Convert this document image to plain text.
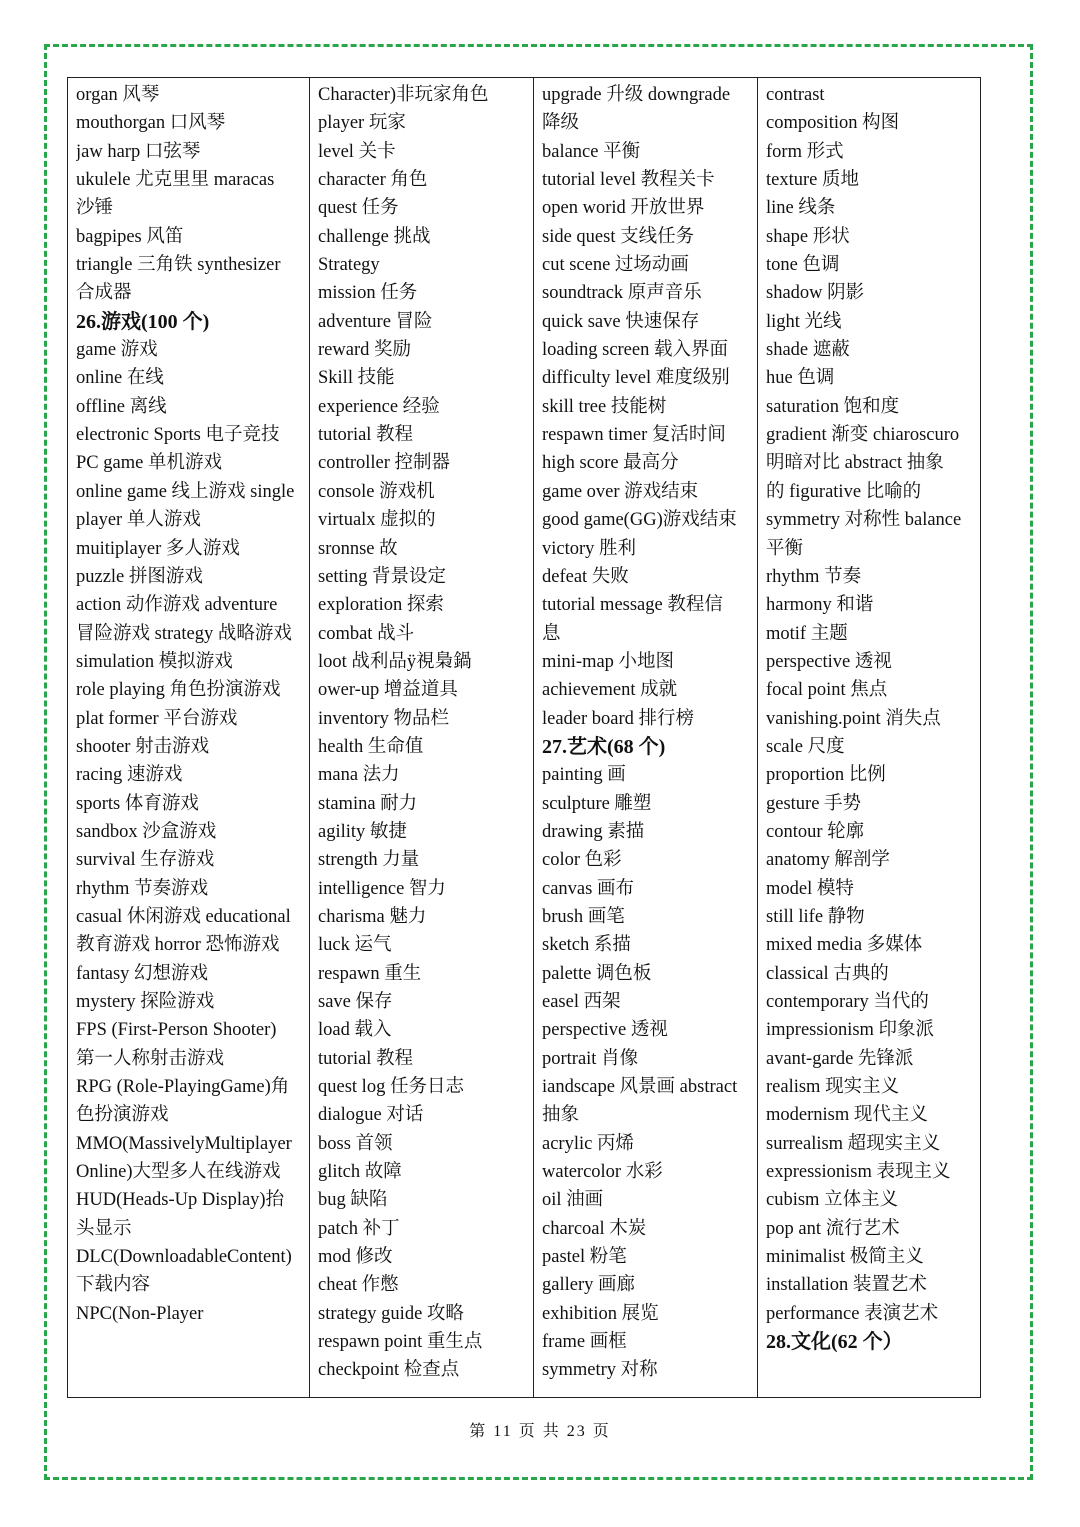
organ 风琴
mouthorgan 口风琴
jaw harp 口弦琴
ukulele 尤克里里 maracas
沙锤
bagpipes 风笛
triangle 三角铁 synthesizer
合成器
26.游戏(100 个)
game 游戏
online 在线
offline 离线
electronic Sports 电子竞技
PC game 单机游戏
online game 线上游戏 single
player 单人游戏
muitiplayer 多人游戏
puzzle 拼图游戏
action 动作游戏 adventure
冒险游戏 strategy 战略游戏
simulation 模拟游戏
role playing 角色扮演游戏
plat former 平台游戏
shooter 射击游戏
racing 速游戏
sports 体育游戏
sandbox 沙盒游戏
survival 生存游戏
rhythm 节奏游戏
casual 休闲游戏 educational
教育游戏 horror 恐怖游戏
fantasy 幻想游戏
mystery 探险游戏
FPS (First-Person Shooter)
第一人称射击游戏
RPG (Role-PlayingGame)角
色扮演游戏
MMO(MassivelyMultiplayer
Online)大型多人在线游戏
HUD(Heads-Up Display)抬
头显示
DLC(DownloadableContent)
下载内容
NPC(Non-Player
Character)非玩家角色
player 玩家
level 关卡
character 角色
quest 任务
challenge 挑战
Strategy
mission 任务
adventure 冒险
reward 奖励
Skill 技能
experience 经验
tutorial 教程
controller 控制器
console 游戏机
virtualx 虚拟的
sronnse 故
setting 背景设定
exploration 探索
combat 战斗
loot 战利品ÿ視梟鍋
ower-up 增益道具
inventory 物品栏
health 生命值
mana 法力
stamina 耐力
agility 敏捷
strength 力量
intelligence 智力
charisma 魅力
luck 运气
respawn 重生
save 保存
load 载入
tutorial 教程
quest log 任务日志
dialogue 对话
boss 首领
glitch 故障
bug 缺陷
patch 补丁
mod 修改
cheat 作憋
strategy guide 攻略
respawn point 重生点
checkpoint 检查点
upgrade 升级 downgrade
降级
balance 平衡
tutorial level 教程关卡
open worid 开放世界
side quest 支线任务
cut scene 过场动画
soundtrack 原声音乐
quick save 快速保存
loading screen 载入界面
difficulty level 难度级别
skill tree 技能树
respawn timer 复活时间
high score 最高分
game over 游戏结束
good game(GG)游戏结束
victory 胜利
defeat 失败
tutorial message 教程信
息
mini-map 小地图
achievement 成就
leader board 排行榜
27.艺术(68 个)
painting 画
sculpture 雕塑
drawing 素描
color 色彩
canvas 画布
brush 画笔
sketch 系描
palette 调色板
easel 西架
perspective 透视
portrait 肖像
iandscape 风景画 abstract
抽象
acrylic 丙烯
watercolor 水彩
oil 油画
charcoal 木炭
pastel 粉笔
gallery 画廊
exhibition 展览
frame 画框
symmetry 对称
contrast
composition 构图
form 形式
texture 质地
line 线条
shape 形状
tone 色调
shadow 阴影
light 光线
shade 遮蔽
hue 色调
saturation 饱和度
gradient 渐变 chiaroscuro
明暗对比 abstract 抽象
的 figurative 比喻的
symmetry 对称性 balance
平衡
rhythm 节奏
harmony 和谐
motif 主题
perspective 透视
focal point 焦点
vanishing.point 消失点
scale 尺度
proportion 比例
gesture 手势
contour 轮廓
anatomy 解剖学
model 模特
still life 静物
mixed media 多媒体
classical 古典的
contemporary 当代的
impressionism 印象派
avant-garde 先锋派
realism 现实主义
modernism 现代主义
surrealism 超现实主义
expressionism 表现主义
cubism 立体主义
pop ant 流行艺术
minimalist 极简主义
installation 装置艺术
performance 表演艺术
28.文化(62 个）
第 11 页 共 23 页
